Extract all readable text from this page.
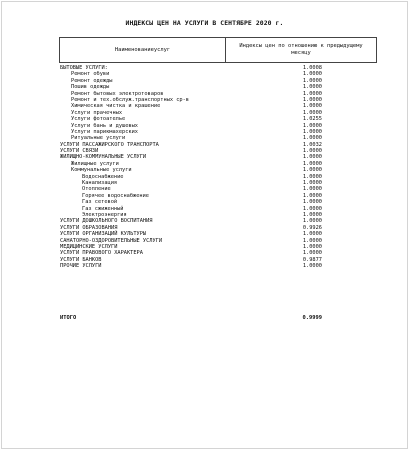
ИНДЕКСЫ ЦЕН НА УСЛУГИ В СЕНТЯБРЕ 2020 г.
Наименованиеуслуг
Индексы цен по отношению к предыдущему месяцу
БЫТОВЫЕ УСЛУГИ:	1.0008
Ремонт обуви	1.0000
Ремонт одежды	1.0000
Пошив одежды	1.0000
Ремонт бытовых электротоваров	1.0000
Ремонт и тех.обслуж.транспортных ср-в	1.0000
Химическая чистка и крашение	1.0000
Услуги прачечных	1.0000
Услуги фотоательe	1.0255
Услуги бань и душевых	1.0000
Услуги парикмахерских	1.0000
Ритуальные услуги	1.0000
УСЛУГИ ПАССАЖИРСКОГО ТРАНСПОРТА	1.0032
УСЛУГИ СВЯЗИ	1.0000
ЖИЛИЩНО-КОММУНАЛЬНЫЕ УСЛУГИ	1.0000
Жилищные услуги	1.0000
Коммунальные услуги	1.0000
Водоснабжение	1.0000
Канализация	1.0000
Отопление	1.0000
Горячее водоснабжение	1.0000
Газ сетевой	1.0000
Газ сжиженный	1.0000
Электроэнергия	1.0000
УСЛУГИ ДОШКОЛЬНОГО ВОСПИТАНИЯ	1.0000
УСЛУГИ ОБРАЗОВАНИЯ	0.9926
УСЛУГИ ОРГАНИЗАЦИЙ КУЛЬТУРЫ	1.0000
САНАТОРНО-ОЗДОРОВИТЕЛЬНЫЕ УСЛУГИ	1.0000
МЕДИЦИНСКИЕ УСЛУГИ	1.0000
УСЛУГИ ПРАВОВОГО ХАРАКТЕРА	1.0000
УСЛУГИ БАНКОВ	0.9877
ПРОЧИЕ УСЛУГИ	1.0000
ИТОГО	0.9999
